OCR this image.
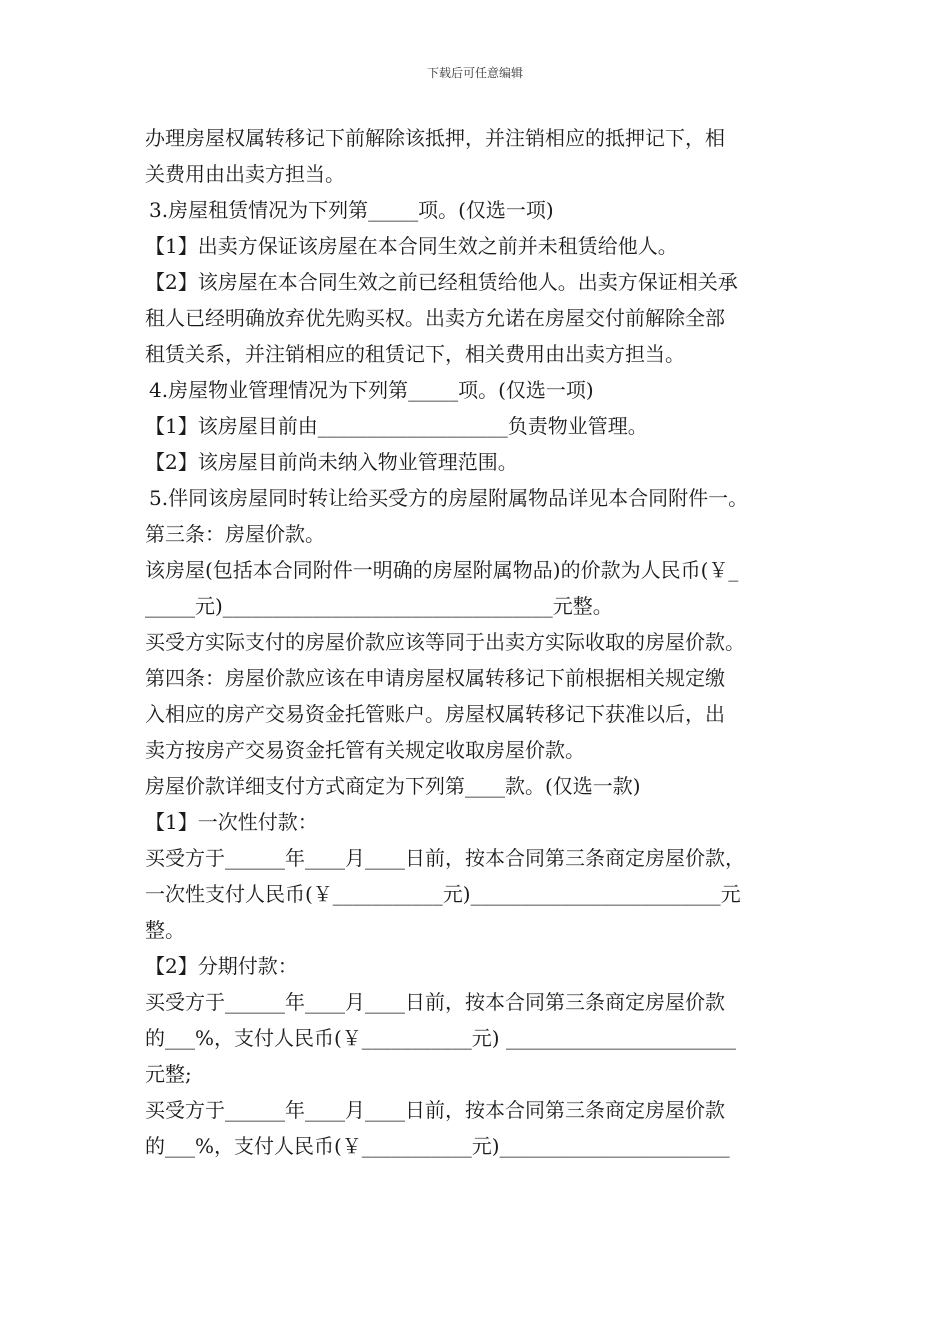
下载后可任意编辑
办理房屋权属转移记下前解除该抵押，并注销相应的抵押记下，相
关费用由出卖方担当。
3.房屋租赁情况为下列第_____项。(仅选一项)
【1】出卖方保证该房屋在本合同生效之前并未租赁给他人。
【2】该房屋在本合同生效之前已经租赁给他人。出卖方保证相关承
租人已经明确放弃优先购买权。出卖方允诺在房屋交付前解除全部
租赁关系，并注销相应的租赁记下，相关费用由出卖方担当。
4.房屋物业管理情况为下列第_____项。(仅选一项)
【1】该房屋目前由___________________负责物业管理。
【2】该房屋目前尚未纳入物业管理范围。
5.伴同该房屋同时转让给买受方的房屋附属物品详见本合同附件一。
第三条：房屋价款。
该房屋(包括本合同附件一明确的房屋附属物品)的价款为人民币(￥_
_____元)_________________________________元整。
买受方实际支付的房屋价款应该等同于出卖方实际收取的房屋价款。
第四条：房屋价款应该在申请房屋权属转移记下前根据相关规定缴
入相应的房产交易资金托管账户。房屋权属转移记下获准以后，出
卖方按房产交易资金托管有关规定收取房屋价款。
房屋价款详细支付方式商定为下列第____款。(仅选一款)
【1】一次性付款：
买受方于______年____月____日前，按本合同第三条商定房屋价款，
一次性支付人民币(￥___________元)_________________________元
整。
【2】分期付款：
买受方于______年____月____日前，按本合同第三条商定房屋价款
的___%，支付人民币(￥___________元) _______________________
元整;
买受方于______年____月____日前，按本合同第三条商定房屋价款
的___%，支付人民币(￥___________元)_______________________
